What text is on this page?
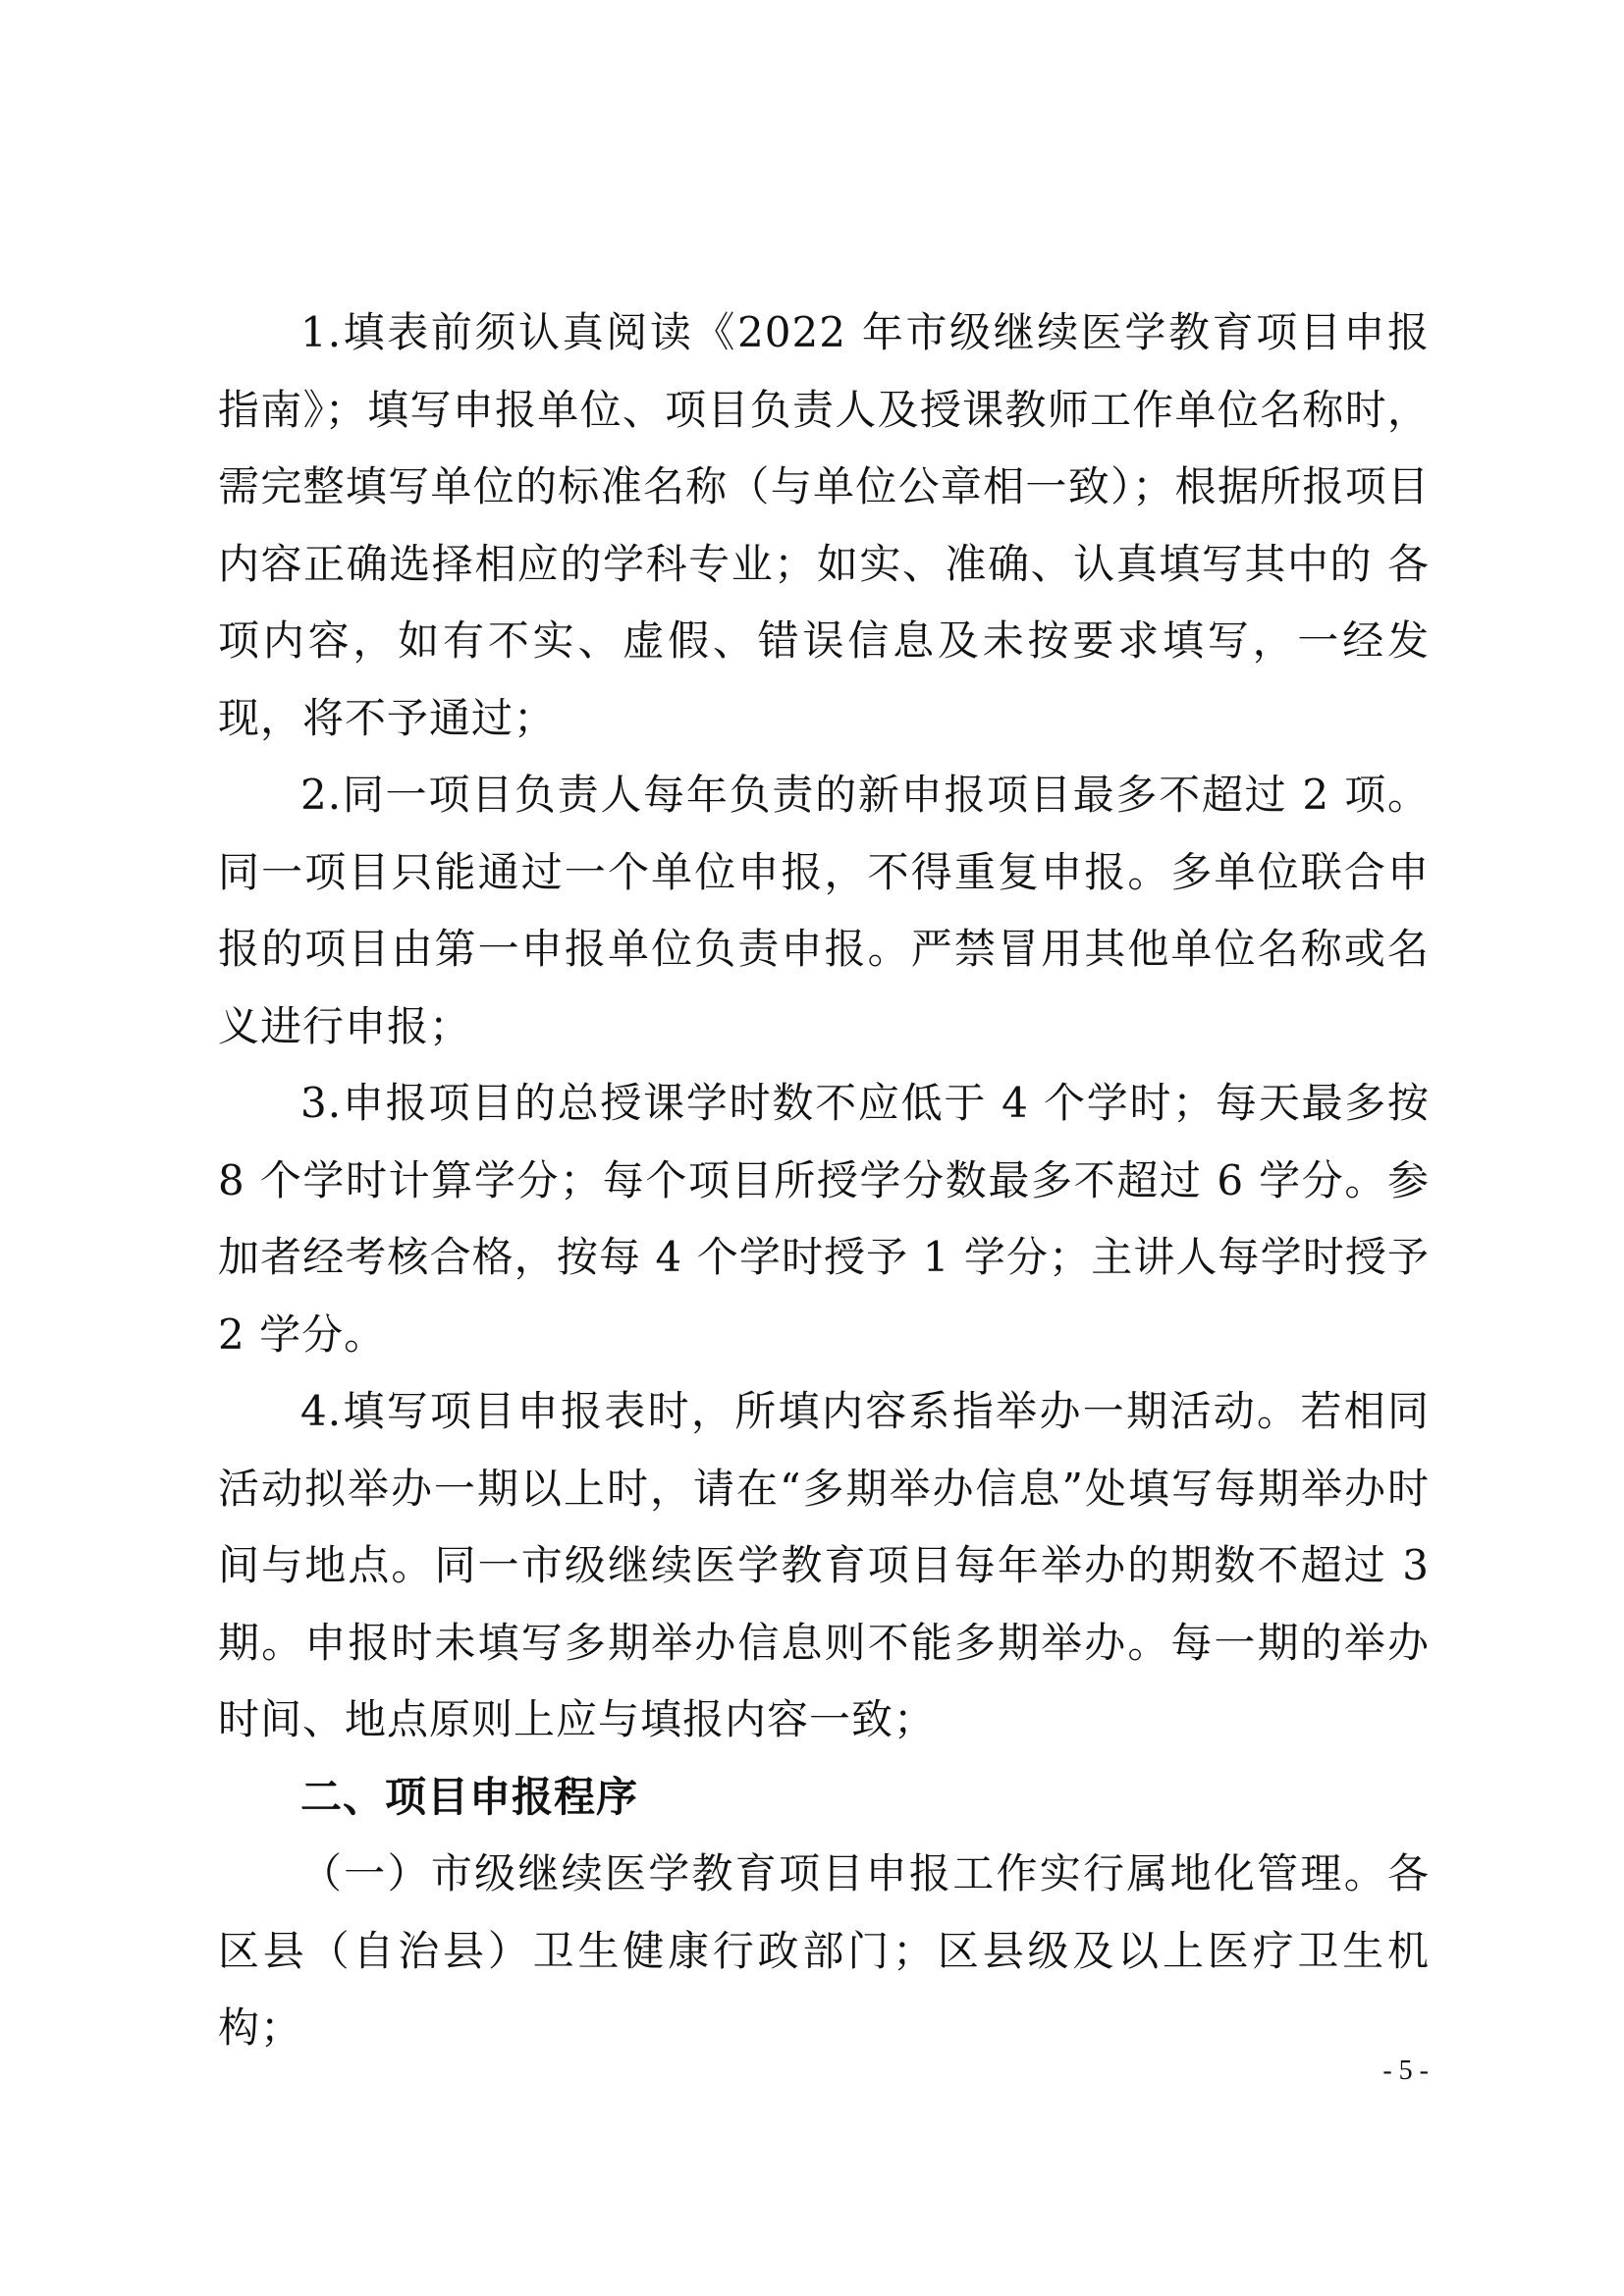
1.填表前须认真阅读《2022 年市级继续医学教育项目申报指南》；填写申报单位、项目负责人及授课教师工作单位名称时，需完整填写单位的标准名称（与单位公章相一致）；根据所报项目内容正确选择相应的学科专业；如实、准确、认真填写其中的 各项内容，如有不实、虚假、错误信息及未按要求填写，一经发 现，将不予通过；

2.同一项目负责人每年负责的新申报项目最多不超过 2 项。同一项目只能通过一个单位申报，不得重复申报。多单位联合申报的项目由第一申报单位负责申报。严禁冒用其他单位名称或名义进行申报；

3.申报项目的总授课学时数不应低于 4 个学时；每天最多按 8 个学时计算学分；每个项目所授学分数最多不超过 6 学分。参加者经考核合格，按每 4 个学时授予 1 学分；主讲人每学时授予 2 学分。

4.填写项目申报表时，所填内容系指举办一期活动。若相同活动拟举办一期以上时，请在“多期举办信息”处填写每期举办时间与地点。同一市级继续医学教育项目每年举办的期数不超过 3 期。申报时未填写多期举办信息则不能多期举办。每一期的举办时间、地点原则上应与填报内容一致；

二、项目申报程序

（一）市级继续医学教育项目申报工作实行属地化管理。各区县（自治县）卫生健康行政部门；区县级及以上医疗卫生机构；

- 5 -
